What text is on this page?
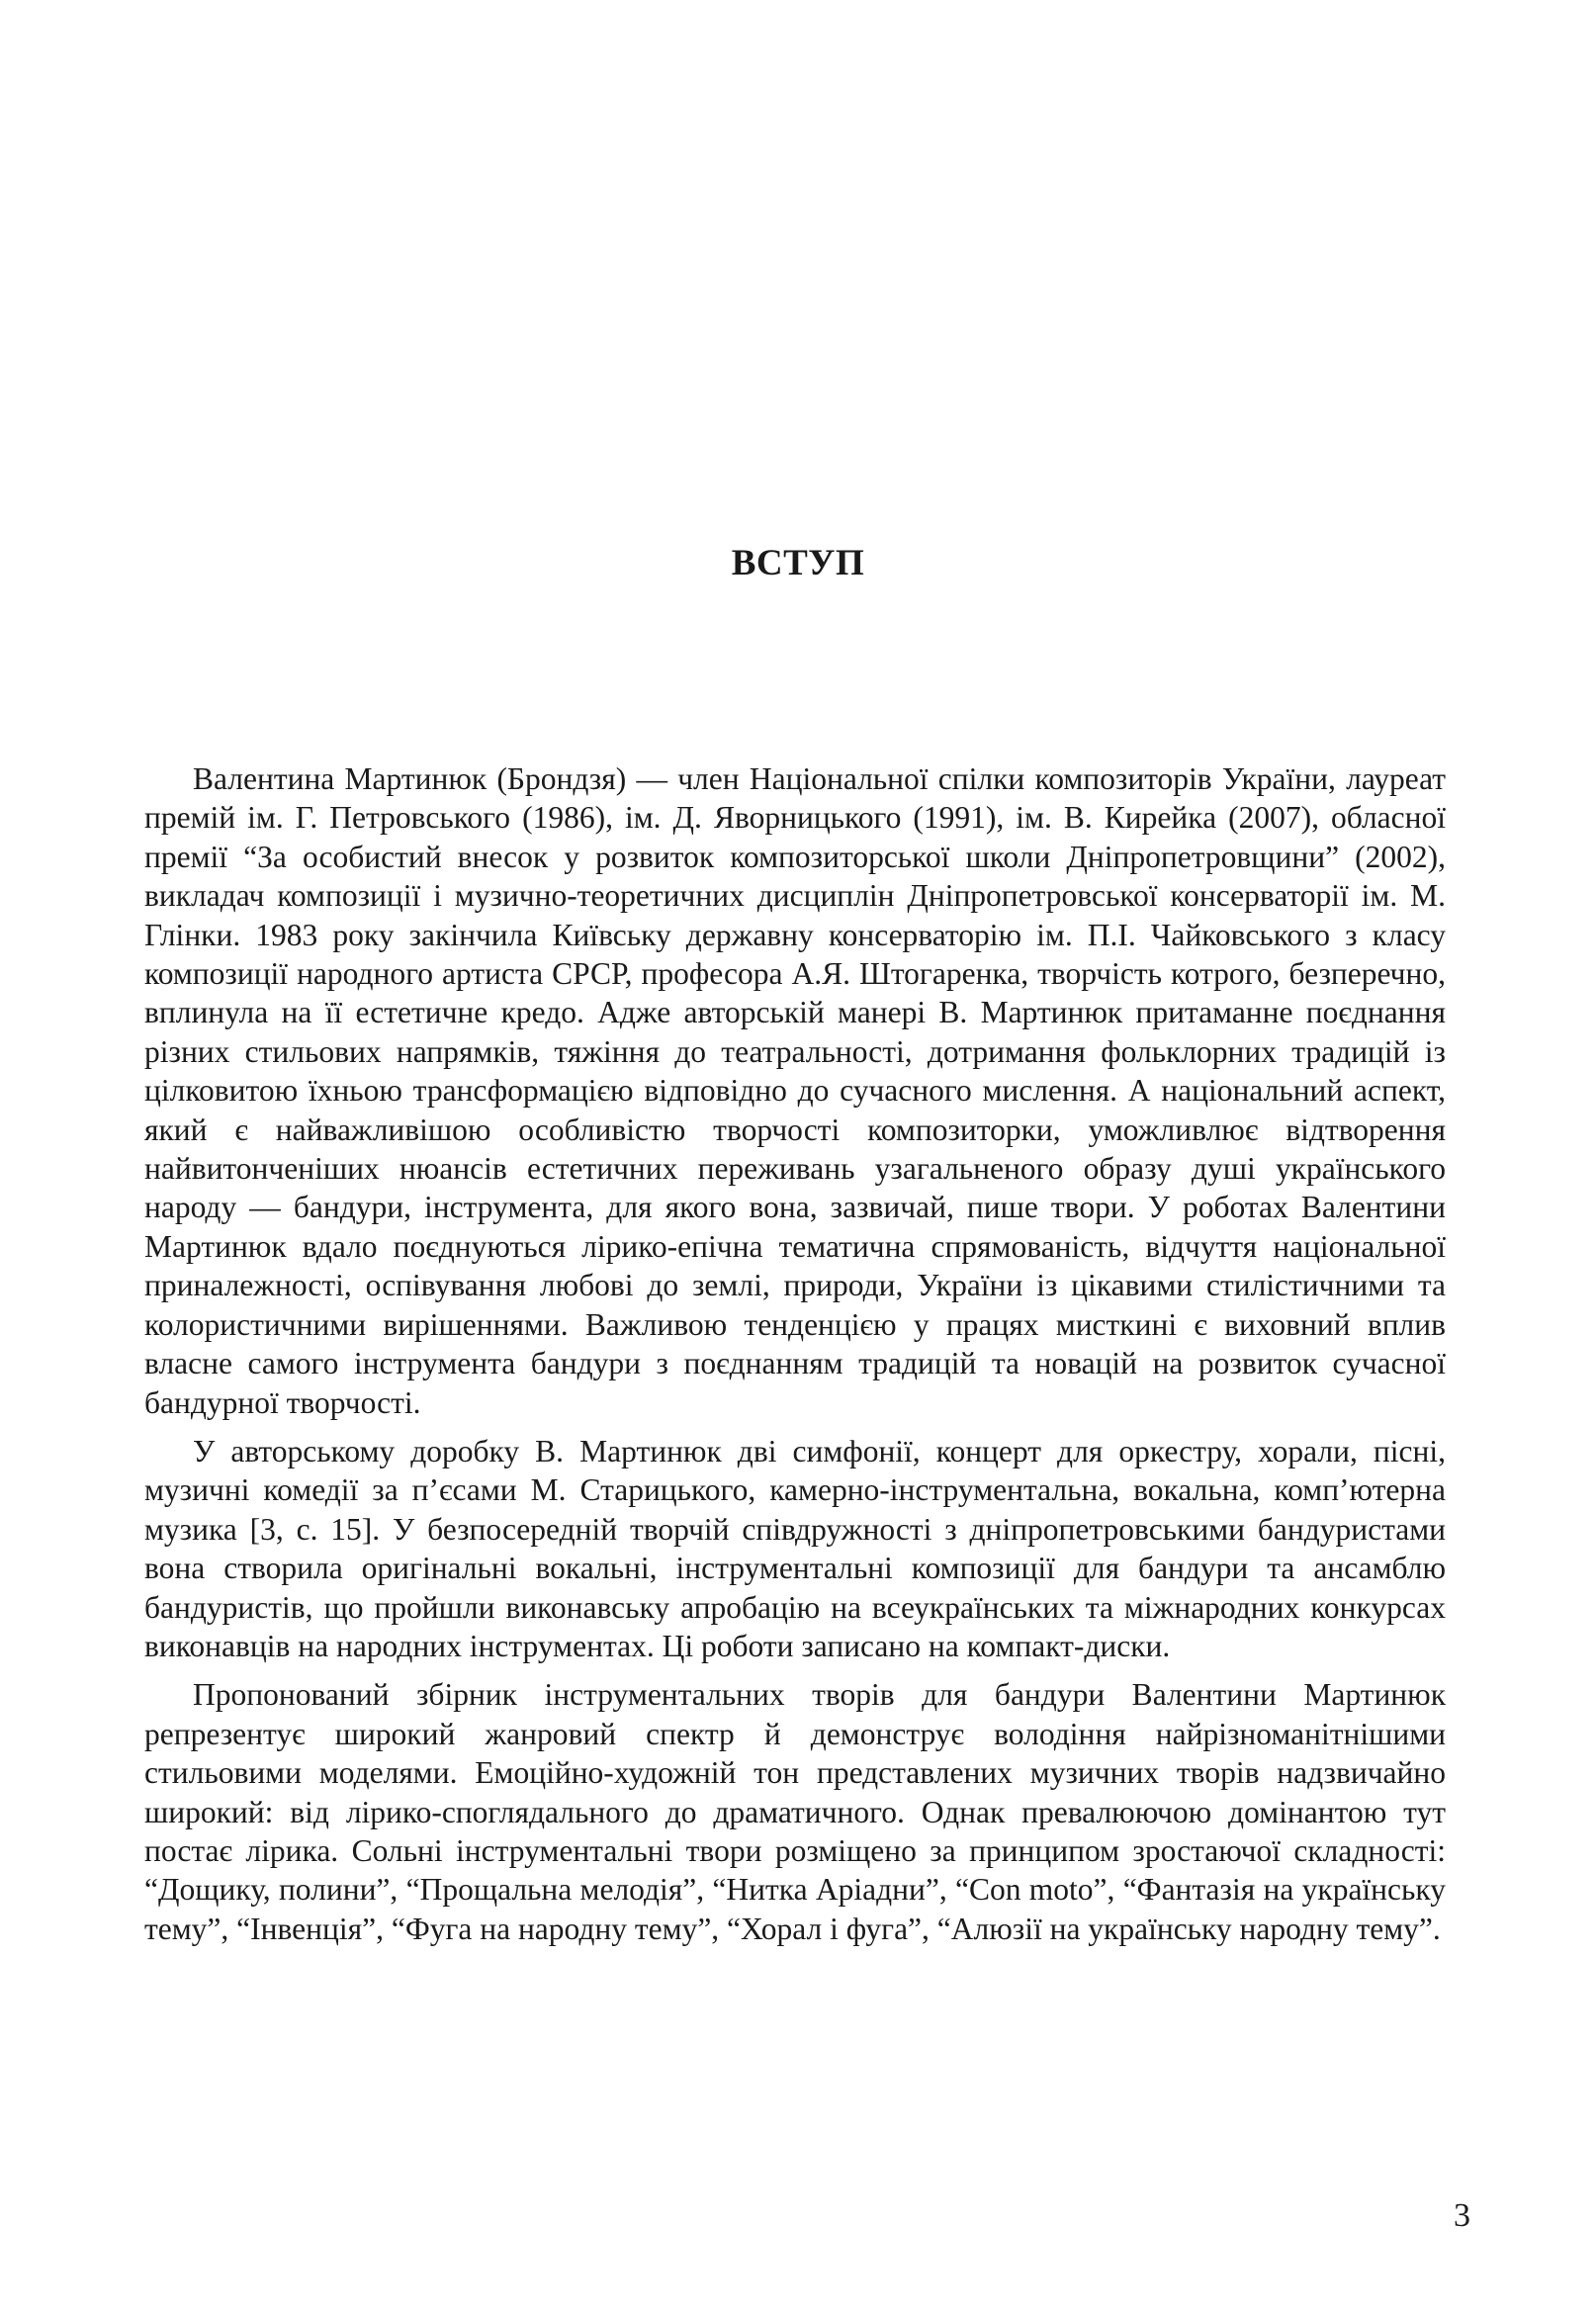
ВСТУП

Валентина Мартинюк (Брондзя) — член Національної спілки композиторів України, лауреат премій ім. Г. Петровського (1986), ім. Д. Яворницького (1991), ім. В. Кирейка (2007), обласної премії “За особистий внесок у розвиток композиторської школи Дніпропетровщини” (2002), викладач композиції і музично-теоретичних дисциплін Дніпропетровської консерваторії ім. М. Глінки. 1983 року закінчила Київську державну консерваторію ім. П.І. Чайковського з класу композиції народного артиста СРСР, професора А.Я. Штогаренка, творчість котрого, безперечно, вплинула на її естетичне кредо. Адже авторській манері В. Мартинюк притаманне поєднання різних стильових напрямків, тяжіння до театральності, дотримання фольклорних традицій із цілковитою їхньою трансформацією відповідно до сучасного мислення. А національний аспект, який є найважливішою особливістю творчості композиторки, уможливлює відтворення найвитонченіших нюансів естетичних переживань узагальненого образу душі українського народу — бандури, інструмента, для якого вона, зазвичай, пише твори. У роботах Валентини Мартинюк вдало поєднуються лірико-епічна тематична спрямованість, відчуття національної приналежності, оспівування любові до землі, природи, України із цікавими стилістичними та колористичними вирішеннями. Важливою тенденцією у працях мисткині є виховний вплив власне самого інструмента бандури з поєднанням традицій та новацій на розвиток сучасної бандурної творчості.

У авторському доробку В. Мартинюк дві симфонії, концерт для оркестру, хорали, пісні, музичні комедії за п’єсами М. Старицького, камерно-інструментальна, вокальна, комп’ютерна музика [3, с. 15]. У безпосередній творчій співдружності з дніпропетровськими бандуристами вона створила оригінальні вокальні, інструментальні композиції для бандури та ансамблю бандуристів, що пройшли виконавську апробацію на всеукраїнських та міжнародних конкурсах виконавців на народних інструментах. Ці роботи записано на компакт-диски.

Пропонований збірник інструментальних творів для бандури Валентини Мартинюк репрезентує широкий жанровий спектр й демонструє володіння найрізноманітнішими стильовими моделями. Емоційно-художній тон представлених музичних творів надзвичайно широкий: від лірико-споглядального до драматичного. Однак превалюючою домінантою тут постає лірика. Сольні інструментальні твори розміщено за принципом зростаючої складності: “Дощику, полини”, “Прощальна мелодія”, “Нитка Аріадни”, “Con moto”, “Фантазія на українську тему”, “Інвенція”, “Фуга на народну тему”, “Хорал і фуга”, “Алюзії на українську народну тему”.

3
